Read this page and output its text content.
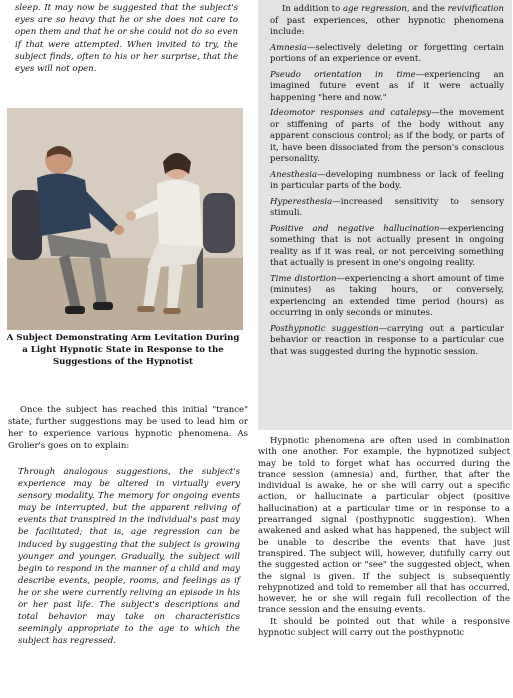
sleep. It may now be suggested that the subject's eyes are so heavy that he or she does not care to open them and that he or she could not do so even if that were attempted. When invited to try, the subject finds, often to his or her surprise, that the eyes will not open.

A Subject Demonstrating Arm Levitation During a Light Hypnotic State in Response to the Suggestions of the Hypnotist

Once the subject has reached this initial "trance" state, further suggestions may be used to lead him or her to experience various hypnotic phenomena. As Grolier's goes on to explain:

Through analogous suggestions, the subject's experience may be altered in virtually every sensory modality. The memory for ongoing events may be interrupted, but the apparent reliving of events that transpired in the individual's past may be facilitated; that is, age regression can be induced by suggesting that the subject is growing younger and younger. Gradually, the subject will begin to respond in the manner of a child and may describe events, people, rooms, and feelings as if he or she were currently reliving an episode in his or her past life. The subject's descriptions and total behavior may take on characteristics seemingly appropriate to the age to which the subject has regressed.

In addition to age regression, and the revivification of past experiences, other hypnotic phenomena include:

Amnesia—selectively deleting or forgetting certain portions of an experience or event.

Pseudo orientation in time—experiencing an imagined future event as if it were actually happening "here and now."

Ideomotor responses and catalepsy—the movement or stiffening of parts of the body without any apparent conscious control; as if the body, or parts of it, have been dissociated from the person's conscious personality.

Anesthesia—developing numbness or lack of feeling in particular parts of the body.

Hyperesthesia—increased sensitivity to sensory stimuli.

Positive and negative hallucination—experiencing something that is not actually present in ongoing reality as if it was real, or not perceiving something that actually is present in one's ongoing reality.

Time distortion—experiencing a short amount of time (minutes) as taking hours, or conversely, experiencing an extended time period (hours) as occurring in only seconds or minutes.

Posthypnotic suggestion—carrying out a particular behavior or reaction in response to a particular cue that was suggested during the hypnotic session.

Hypnotic phenomena are often used in combination with one another. For example, the hypnotized subject may be told to forget what has occurred during the trance session (amnesia) and, further, that after the individual is awake, he or she will carry out a specific action, or hallucinate a particular object (positive hallucination) at a particular time or in response to a prearranged signal (posthypnotic suggestion). When awakened and asked what has happened, the subject will be unable to describe the events that have just transpired. The subject will, however, dutifully carry out the suggested action or "see" the suggested object, when the signal is given. If the subject is subsequently rehypnotized and told to remember all that has occurred, however, he or she will regain full recollection of the trance session and the ensuing events.

It should be pointed out that while a responsive hypnotic subject will carry out the posthypnotic
